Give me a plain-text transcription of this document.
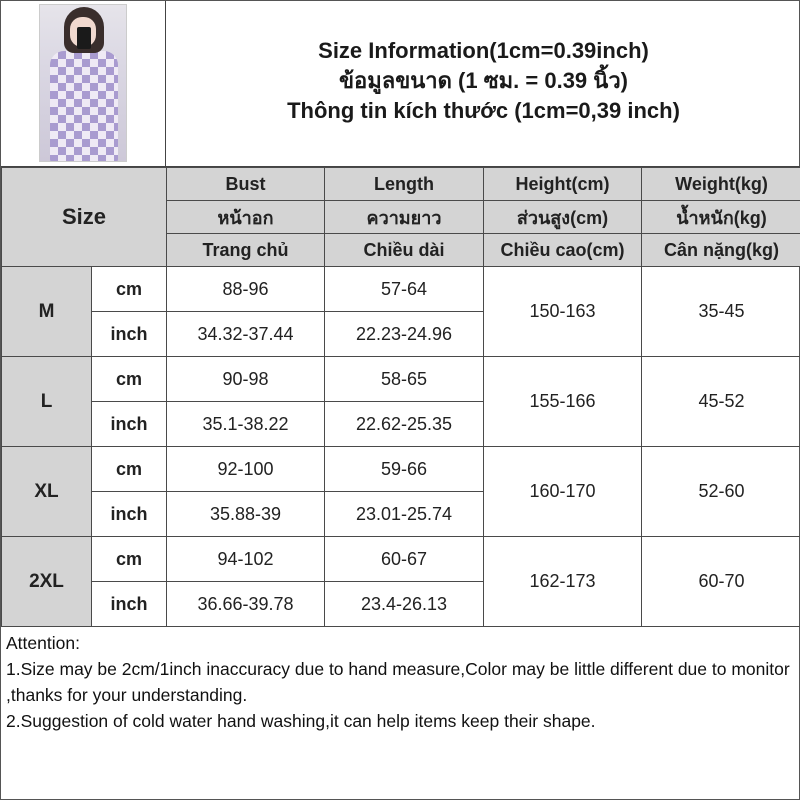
Size Information(1cm=0.39inch)
ข้อมูลขนาด (1 ซม. = 0.39 นิ้ว)
Thông tin kích thước (1cm=0,39 inch)
Size		Bust	Length	Height(cm)	Weight(kg)
		หน้าอก	ความยาว	ส่วนสูง(cm)	น้ำหนัก(kg)
		Trang chủ	Chiều dài	Chiều cao(cm)	Cân nặng(kg)
M	cm	88-96	57-64	150-163	35-45
	inch	34.32-37.44	22.23-24.96		
L	cm	90-98	58-65	155-166	45-52
	inch	35.1-38.22	22.62-25.35		
XL	cm	92-100	59-66	160-170	52-60
	inch	35.88-39	23.01-25.74		
2XL	cm	94-102	60-67	162-173	60-70
	inch	36.66-39.78	23.4-26.13		

Attention:

1.Size may be 2cm/1inch inaccuracy due to hand measure,Color may be little different due to monitor ,thanks for your understanding.

2.Suggestion of cold water hand washing,it can help items keep their shape.
